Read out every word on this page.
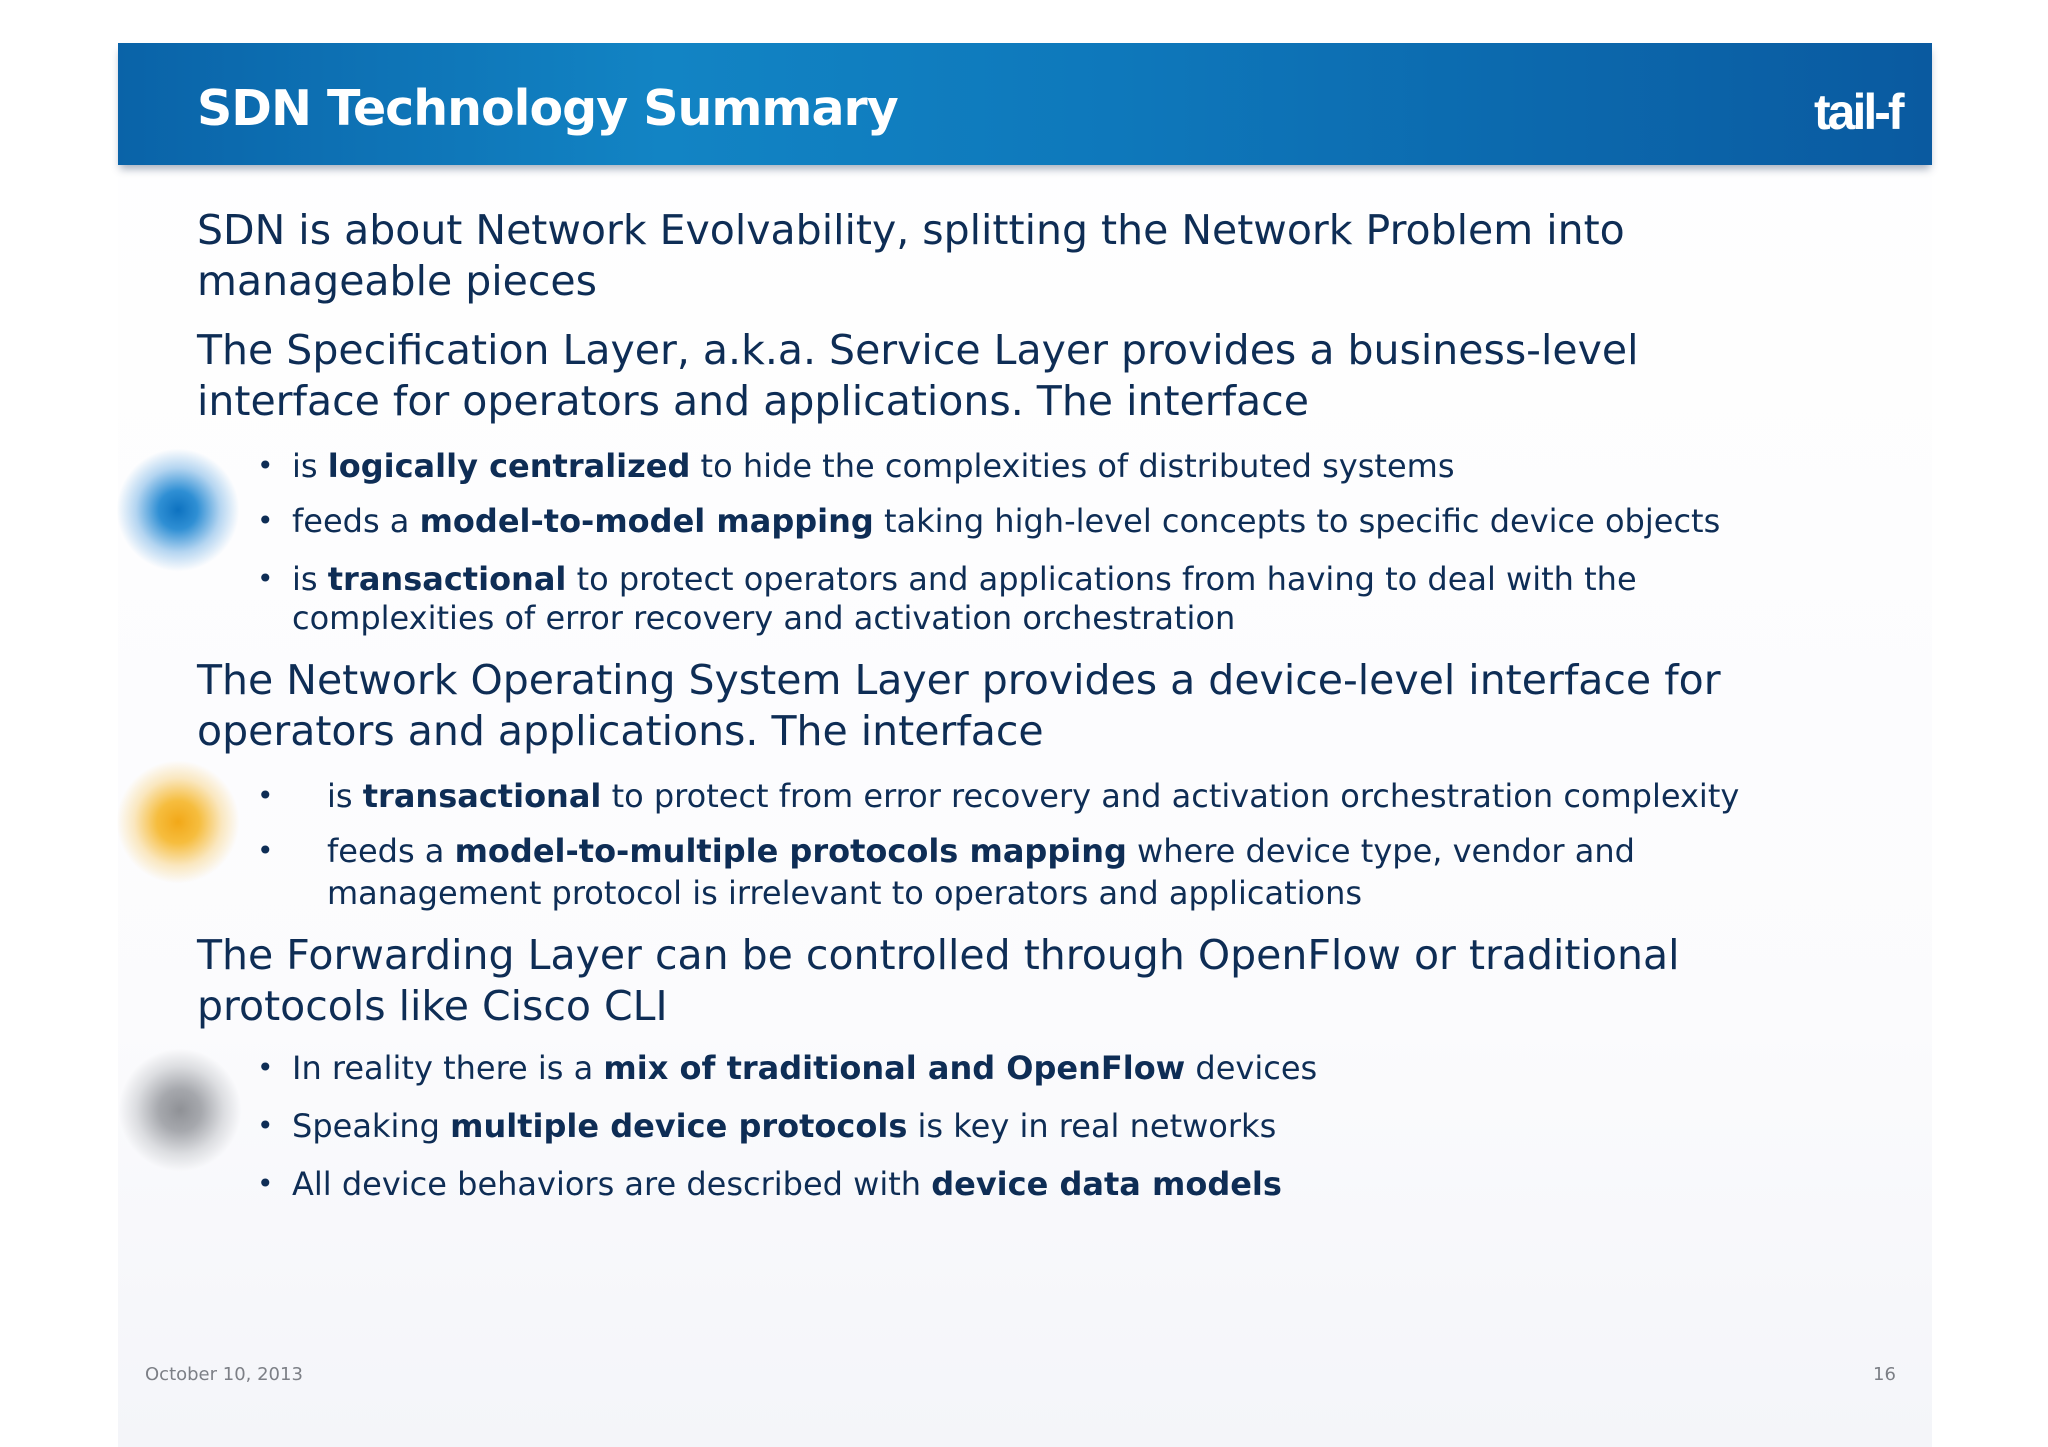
SDN Technology Summary	tail-f

SDN is about Network Evolvability, splitting the Network Problem into

manageable pieces

The Specification Layer, a.k.a. Service Layer provides a business-level

interface for operators and applications. The interface

• is logically centralized to hide the complexities of distributed systems

• feeds a model-to-model mapping taking high-level concepts to specific device objects

• is transactional to protect operators and applications from having to deal with the

complexities of error recovery and activation orchestration

The Network Operating System Layer provides a device-level interface for

operators and applications. The interface

• is transactional to protect from error recovery and activation orchestration complexity

• feeds a model-to-multiple protocols mapping where device type, vendor and

management protocol is irrelevant to operators and applications

The Forwarding Layer can be controlled through OpenFlow or traditional

protocols like Cisco CLI

• In reality there is a mix of traditional and OpenFlow devices

• Speaking multiple device protocols is key in real networks

• All device behaviors are described with device data models

October 10, 2013	16
